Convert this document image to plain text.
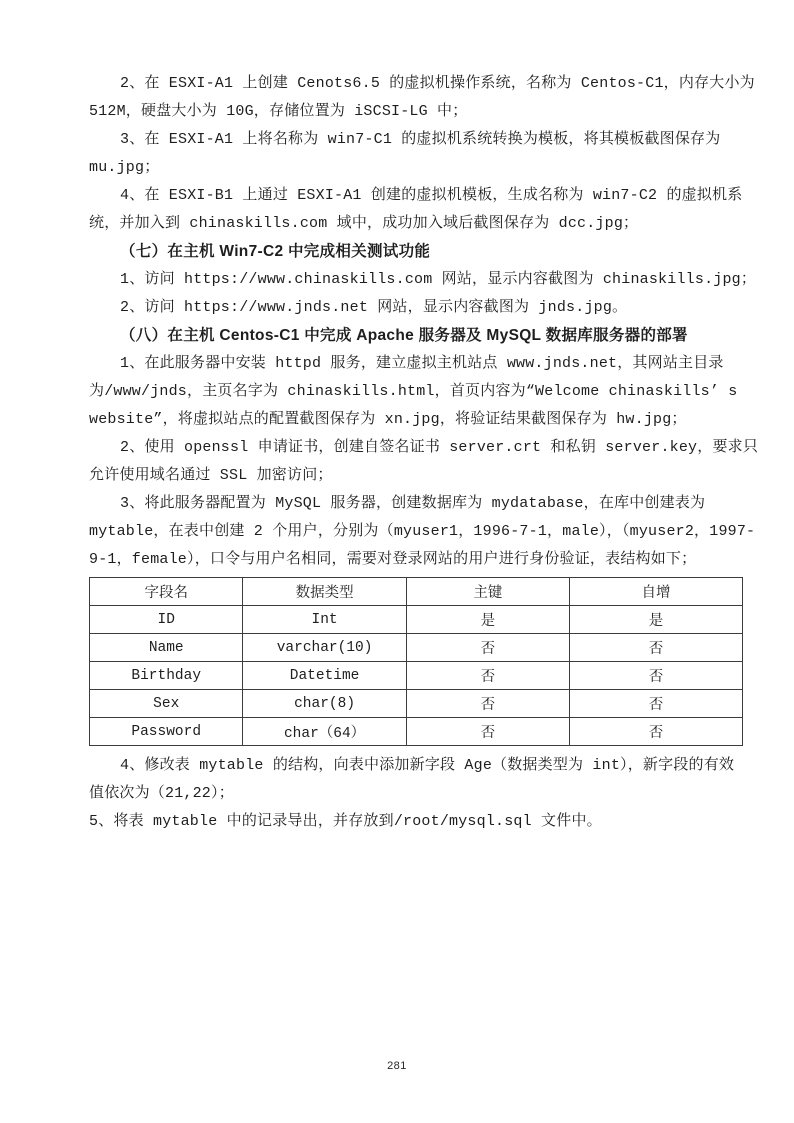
2、在 ESXI-A1 上创建 Cenots6.5 的虚拟机操作系统，名称为 Centos-C1，内存大小为
512M，硬盘大小为 10G，存储位置为 iSCSI-LG 中；
3、在 ESXI-A1 上将名称为 win7-C1 的虚拟机系统转换为模板，将其模板截图保存为
mu.jpg；
4、在 ESXI-B1 上通过 ESXI-A1 创建的虚拟机模板，生成名称为 win7-C2 的虚拟机系
统，并加入到 chinaskills.com 域中，成功加入域后截图保存为 dcc.jpg；
（七）在主机 Win7-C2 中完成相关测试功能
1、访问 https://www.chinaskills.com 网站，显示内容截图为 chinaskills.jpg；
2、访问 https://www.jnds.net 网站，显示内容截图为 jnds.jpg。
（八）在主机 Centos-C1 中完成 Apache 服务器及 MySQL 数据库服务器的部署
1、在此服务器中安装 httpd 服务，建立虚拟主机站点 www.jnds.net，其网站主目录
为/www/jnds，主页名字为 chinaskills.html，首页内容为“Welcome chinaskills’ s
website”，将虚拟站点的配置截图保存为 xn.jpg，将验证结果截图保存为 hw.jpg；
2、使用 openssl 申请证书，创建自签名证书 server.crt 和私钥 server.key，要求只
允许使用域名通过 SSL 加密访问；
3、将此服务器配置为 MySQL 服务器，创建数据库为 mydatabase，在库中创建表为
mytable，在表中创建 2 个用户，分别为（myuser1，1996-7-1，male），（myuser2，1997-
9-1，female），口令与用户名相同，需要对登录网站的用户进行身份验证，表结构如下；
字段名	数据类型	主键	自增
ID	Int	是	是
Name	varchar(10)	否	否
Birthday	Datetime	否	否
Sex	char(8)	否	否
Password	char（64）	否	否
4、修改表 mytable 的结构，向表中添加新字段 Age（数据类型为 int），新字段的有效
值依次为（21,22）；
5、将表 mytable 中的记录导出，并存放到/root/mysql.sql 文件中。
281
